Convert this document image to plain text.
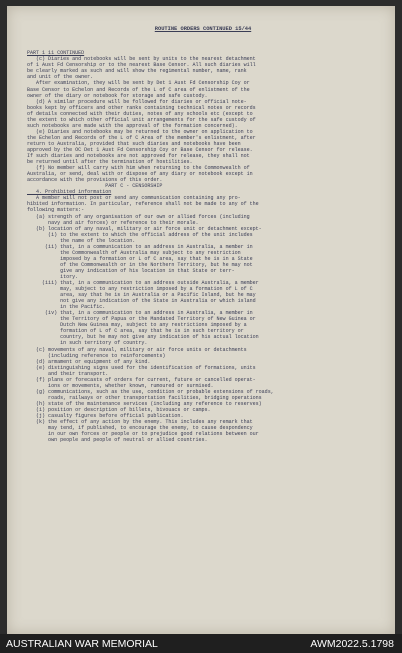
ROUTINE ORDERS CONTINUED 15/44

PART 1 11 CONTINUED
(c) Diaries and notebooks will be sent by units to the nearest detachment
of 1 Aust Fd Censorship or to the nearest Base Censor. All such diaries will
be clearly marked as such and will show the regimental number, name, rank
and unit of the owner.
After examination, they will be sent by Det 1 Aust Fd Censorship Coy or
Base Censor to Echelon and Records of the L of C area of enlistment of the
owner of the diary or notebook for storage and safe custody.
(d) A similar procedure will be followed for diaries or official note-
books kept by officers and other ranks containing technical notes or records
of details connected with their duties, notes of any schools etc (except to
the extent to which other official unit arrangements for the safe custody of
such notebooks are made with the approval of the formation concerned).
(e) Diaries and notebooks may be returned to the owner on application to
the Echelon and Records of the L of C Area of the member's enlistment, after
return to Australia, provided that such diaries and notebooks have been
approved by the OC Det 1 Aust Fd Censorship Coy or Base Censor for release.
If such diaries and notebooks are not approved for release, they shall not
be returned until after the termination of hostilities.
(f) No member will carry with him when returning to the Commonwealth of
Australia, or send, deal with or dispose of any diary or notebook except in
accordance with the provisions of this order.
PART C - CENSORSHIP
4. Prohibited information
A member will not post or send any communication containing any pro-
hibited information. In particular, reference shall not be made to any of the
following matters:-
(a) strength of any organisation of our own or allied forces (including
navy and air forces) or reference to their morale.
(b) location of any naval, military or air force unit or detachment except-
(i) to the extent to which the official address of the unit includes
the name of the location.
(ii) that, in a communication to an address in Australia, a member in
the Commonwealth of Australia may subject to any restriction
imposed by a formation or L of C area, say that he is in a State
of the Commonwealth or in the Northern Territory, but he may not
give any indication of his location in that State or terr-
itory.
(iii) that, in a communication to an address outside Australia, a member
may, subject to any restriction imposed by a formation of L of C
area, say that he is in Australia or a Pacific Island, but he may
not give any indication of the State in Australia or which island
in the Pacific.
(iv) that, in a communication to an address in Australia, a member in
the Territory of Papua or the Mandated Territory of New Guinea or
Dutch New Guinea may, subject to any restrictions imposed by a
formation of L of C area, say that he is in such territory or
country, but he may not give any indication of his actual location
in such territory of country.
(c) movements of any naval, military or air force units or detachments
(including reference to reinforcements)
(d) armament or equipment of any kind.
(e) distinguishing signs used for the identification of formations, units
and their transport.
(f) plans or forecasts of orders for current, future or cancelled operat-
ions or movements, whether known, rumoured or surmised.
(g) communications, such as the use, condition or probable extensions of roads,
roads, railways or other transportation facilities, bridging operations
(h) state of the maintenance services (including any reference to reserves)
(i) position or description of billets, bivouacs or camps.
(j) casualty figures before official publication.
(k) the effect of any action by the enemy. This includes any remark that
may tend, if published, to encourage the enemy, to cause despondency
in our own forces or people or to prejudice good relations between our
own people and people of neutral or allied countries.

AUSTRALIAN WAR MEMORIAL	AWM2022.5.1798
